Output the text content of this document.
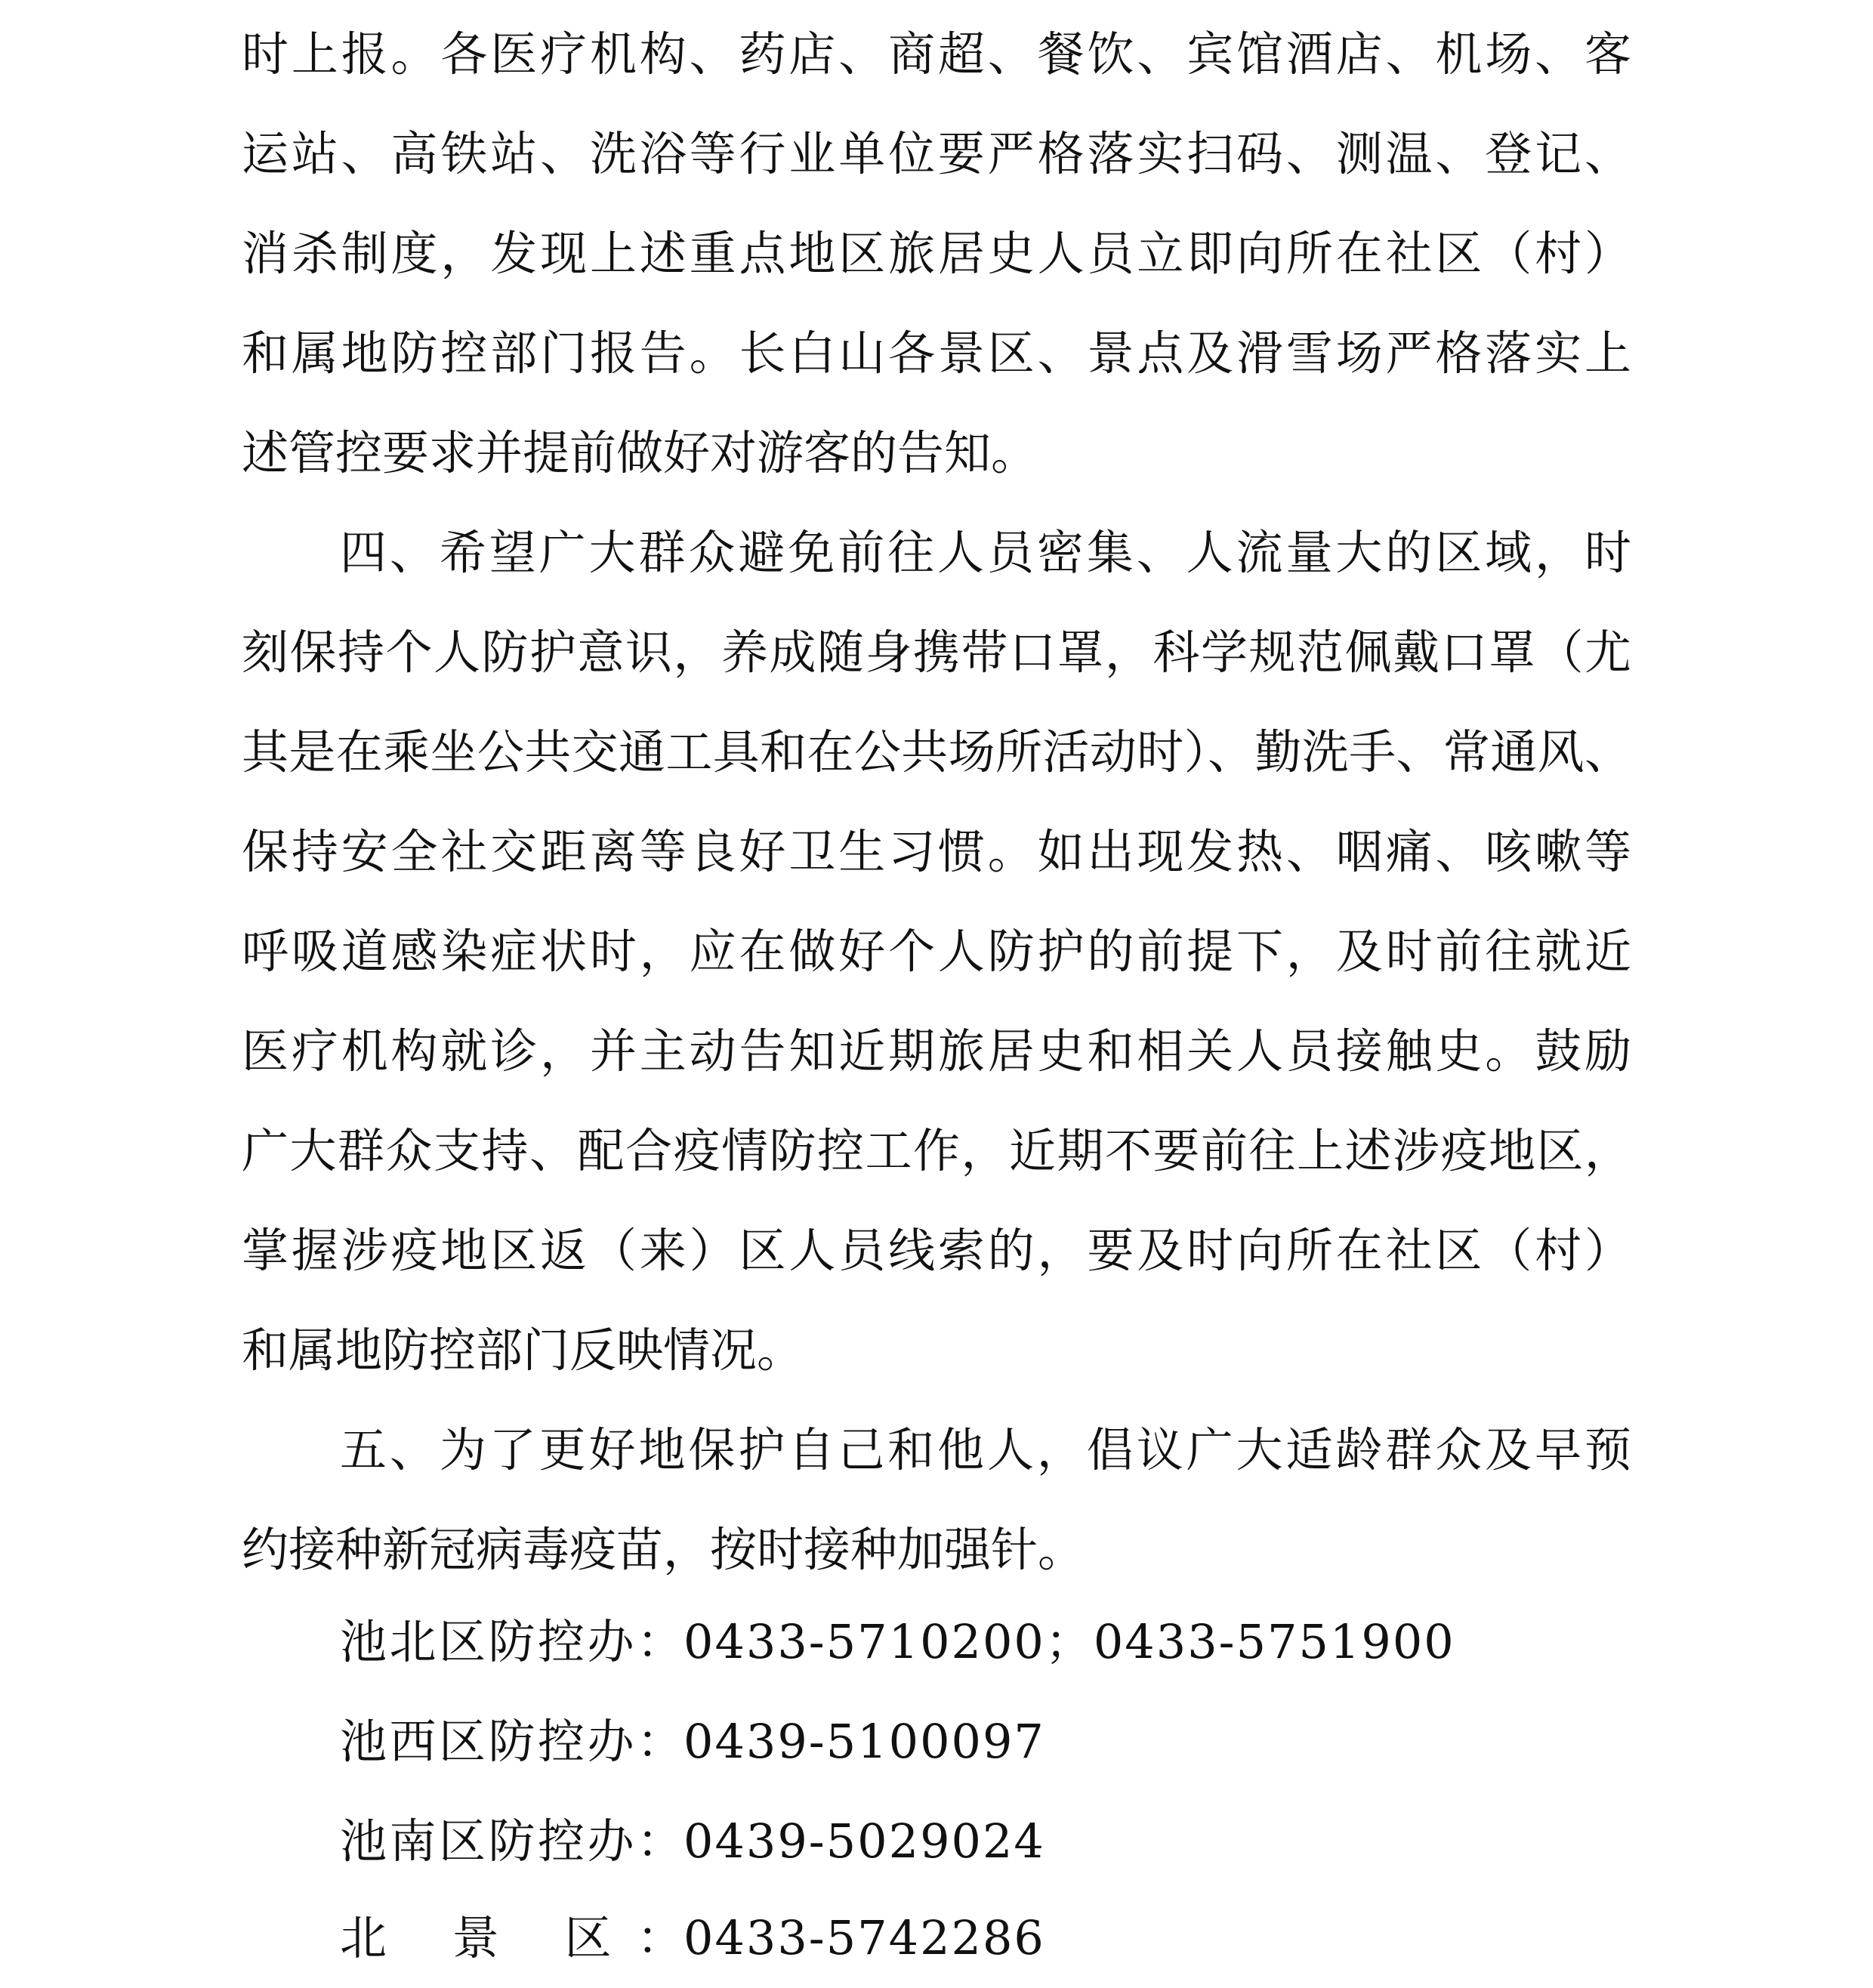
时上报。各医疗机构、药店、商超、餐饮、宾馆酒店、机场、客
运站、高铁站、洗浴等行业单位要严格落实扫码、测温、登记、
消杀制度，发现上述重点地区旅居史人员立即向所在社区（村）
和属地防控部门报告。长白山各景区、景点及滑雪场严格落实上
述管控要求并提前做好对游客的告知。
四、希望广大群众避免前往人员密集、人流量大的区域，时
刻保持个人防护意识，养成随身携带口罩，科学规范佩戴口罩（尤
其是在乘坐公共交通工具和在公共场所活动时）、勤洗手、常通风、
保持安全社交距离等良好卫生习惯。如出现发热、咽痛、咳嗽等
呼吸道感染症状时，应在做好个人防护的前提下，及时前往就近
医疗机构就诊，并主动告知近期旅居史和相关人员接触史。鼓励
广大群众支持、配合疫情防控工作，近期不要前往上述涉疫地区，
掌握涉疫地区返（来）区人员线索的，要及时向所在社区（村）
和属地防控部门反映情况。
五、为了更好地保护自己和他人，倡议广大适龄群众及早预
约接种新冠病毒疫苗，按时接种加强针。
池北区防控办：0433-5710200；0433-5751900
池西区防控办：0439-5100097
池南区防控办：0439-5029024
北 景 区：0433-5742286
